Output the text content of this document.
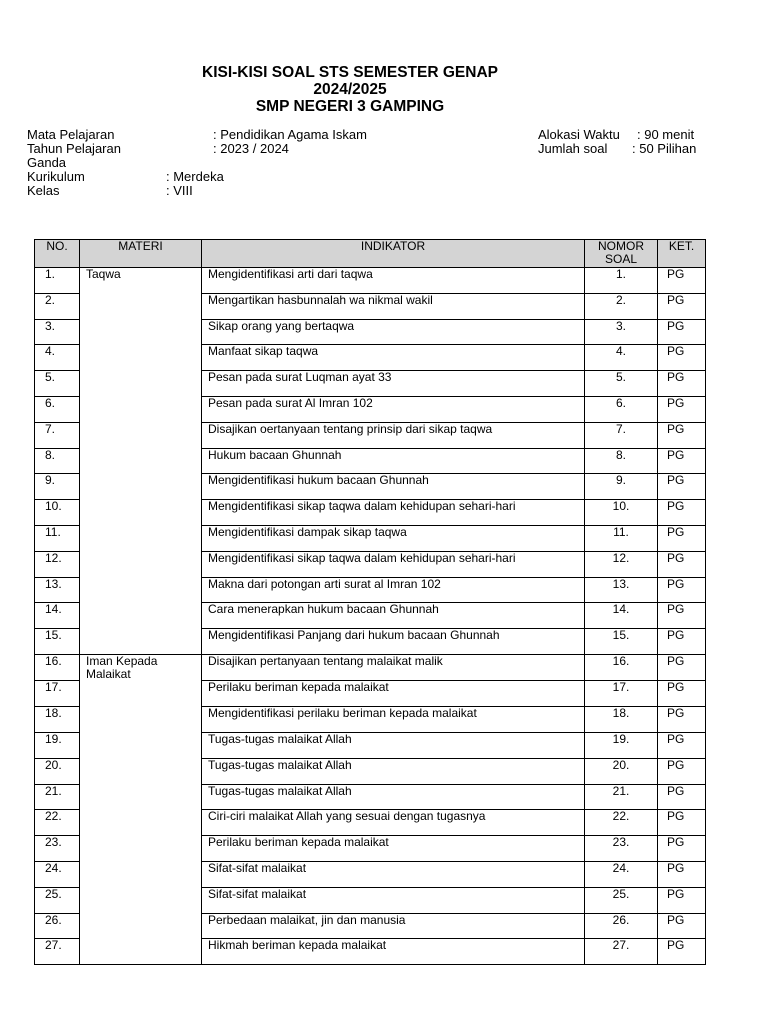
KISI-KISI SOAL STS SEMESTER GENAP
2024/2025
SMP NEGERI 3 GAMPING
Mata Pelajaran	: Pendidikan Agama Iskam
Tahun Pelajaran	: 2023 / 2024
Ganda
Kurikulum	: Merdeka
Kelas	: VIII
Alokasi Waktu : 90 menit
Jumlah soal : 50 Pilihan
NO.	MATERI	INDIKATOR	NOMOR SOAL	KET.
1.	Taqwa	Mengidentifikasi arti dari taqwa	1.	PG
2.		Mengartikan hasbunnalah wa nikmal wakil	2.	PG
3.		Sikap orang yang bertaqwa	3.	PG
4.		Manfaat sikap taqwa	4.	PG
5.		Pesan pada surat Luqman ayat 33	5.	PG
6.		Pesan pada surat Al Imran 102	6.	PG
7.		Disajikan oertanyaan tentang prinsip dari sikap taqwa	7.	PG
8.		Hukum bacaan Ghunnah	8.	PG
9.		Mengidentifikasi hukum bacaan Ghunnah	9.	PG
10.		Mengidentifikasi sikap taqwa dalam kehidupan sehari-hari	10.	PG
11.		Mengidentifikasi dampak sikap taqwa	11.	PG
12.		Mengidentifikasi sikap taqwa dalam kehidupan sehari-hari	12.	PG
13.		Makna dari potongan arti surat al Imran 102	13.	PG
14.		Cara menerapkan hukum bacaan Ghunnah	14.	PG
15.		Mengidentifikasi Panjang dari hukum bacaan Ghunnah	15.	PG
16.	Iman Kepada Malaikat	Disajikan pertanyaan tentang malaikat malik	16.	PG
17.		Perilaku beriman kepada malaikat	17.	PG
18.		Mengidentifikasi perilaku beriman kepada malaikat	18.	PG
19.		Tugas-tugas malaikat Allah	19.	PG
20.		Tugas-tugas malaikat Allah	20.	PG
21.		Tugas-tugas malaikat Allah	21.	PG
22.		Ciri-ciri malaikat Allah yang sesuai dengan tugasnya	22.	PG
23.		Perilaku beriman kepada malaikat	23.	PG
24.		Sifat-sifat malaikat	24.	PG
25.		Sifat-sifat malaikat	25.	PG
26.		Perbedaan malaikat, jin dan manusia	26.	PG
27.		Hikmah beriman kepada malaikat	27.	PG
